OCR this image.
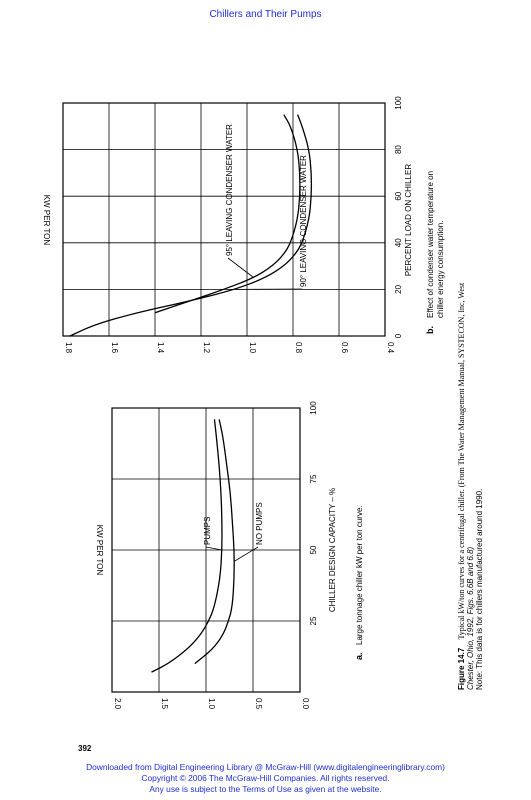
Chillers and Their Pumps
25
50
75
100
0.0
0.5
1.0
1.5
2.0
KW PER TON	CHILLER DESIGN CAPACITY – %
a.
Large tonnage chiller kW per ton curve.
PUMPS	NO PUMPS
0
20
40
60
80
100
0.4
0.6
0.8
1.0
1.2
1.4
1.6
1.8
KW PER TON	PERCENT LOAD ON CHILLER
b.
Effect of condenser water temperature onchiller energy consumption.
95° LEAVING CONDENSER WATER	90° LEAVING CONDENSER WATER
Figure 14.7 Typical kW/ton curves for a centrifugal chiller. (From The Water Management Manual, SYSTECON, Inc, West Chester, Ohio, 1992, Figs. 6.6B and 6.8) Note: This data is for chillers manufactured around 1990.
392
Downloaded from Digital Engineering Library @ McGraw-Hill (www.digitalengineeringlibrary.com)
Copyright © 2006 The McGraw-Hill Companies. All rights reserved.
Any use is subject to the Terms of Use as given at the website.
